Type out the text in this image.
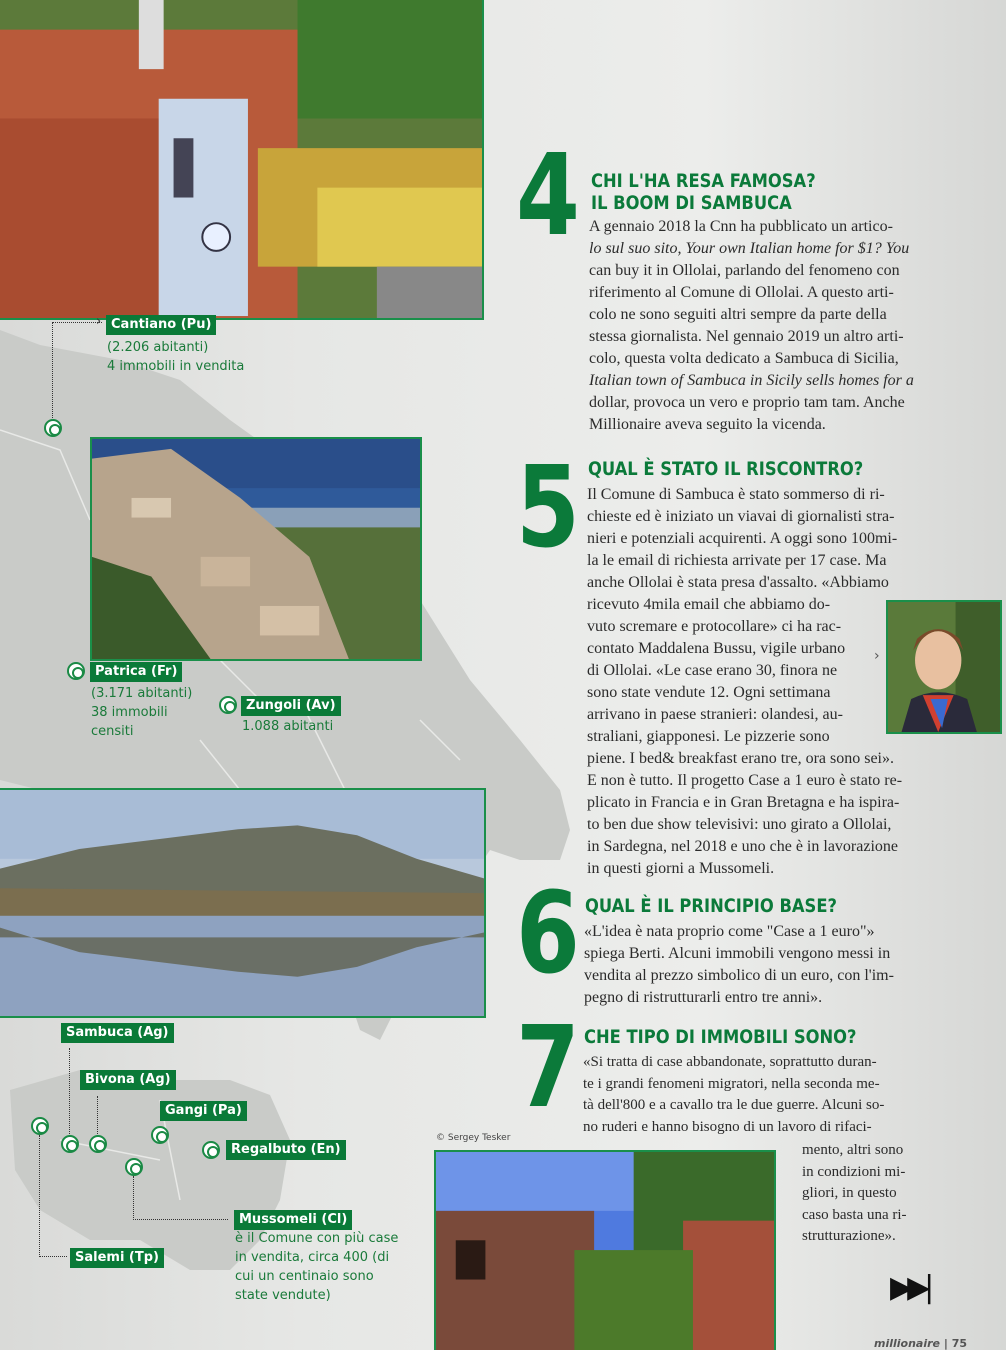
› Cantiano (Pu)
(2.206 abitanti)
4 immobili in vendita
Patrica (Fr)
(3.171 abitanti)
38 immobili
censiti
Zungoli (Av)
1.088 abitanti
Sambuca (Ag)
Bivona (Ag)
Gangi (Pa)
Regalbuto (En)
Mussomeli (Cl)
è il Comune con più case
in vendita, circa 400 (di
cui un centinaio sono
state vendute)
Salemi (Tp)
4 CHI L'HA RESA FAMOSA?
IL BOOM DI SAMBUCA
A gennaio 2018 la Cnn ha pubblicato un artico-
lo sul suo sito, Your own Italian home for $1? You
can buy it in Ollolai, parlando del fenomeno con
riferimento al Comune di Ollolai. A questo arti-
colo ne sono seguiti altri sempre da parte della
stessa giornalista. Nel gennaio 2019 un altro arti-
colo, questa volta dedicato a Sambuca di Sicilia,
Italian town of Sambuca in Sicily sells homes for a
dollar, provoca un vero e proprio tam tam. Anche
Millionaire aveva seguito la vicenda.
5 QUAL È STATO IL RISCONTRO?
Il Comune di Sambuca è stato sommerso di ri-
chieste ed è iniziato un viavai di giornalisti stra-
nieri e potenziali acquirenti. A oggi sono 100mi-
la le email di richiesta arrivate per 17 case. Ma
anche Ollolai è stata presa d'assalto. «Abbiamo
ricevuto 4mila email che abbiamo do-
vuto scremare e protocollare» ci ha rac-
contato Maddalena Bussu, vigile urbano
di Ollolai. «Le case erano 30, finora ne
sono state vendute 12. Ogni settimana
arrivano in paese stranieri: olandesi, au-
straliani, giapponesi. Le pizzerie sono
piene. I bed& breakfast erano tre, ora sono sei».
E non è tutto. Il progetto Case a 1 euro è stato re-
plicato in Francia e in Gran Bretagna e ha ispira-
to ben due show televisivi: uno girato a Ollolai,
in Sardegna, nel 2018 e uno che è in lavorazione
in questi giorni a Mussomeli.
›
6 QUAL È IL PRINCIPIO BASE?
«L'idea è nata proprio come "Case a 1 euro"»
spiega Berti. Alcuni immobili vengono messi in
vendita al prezzo simbolico di un euro, con l'im-
pegno di ristrutturarli entro tre anni».
7 CHE TIPO DI IMMOBILI SONO?
«Si tratta di case abbandonate, soprattutto duran-
te i grandi fenomeni migratori, nella seconda me-
tà dell'800 e a cavallo tra le due guerre. Alcuni so-
no ruderi e hanno bisogno di un lavoro di rifaci-
mento, altri sono
in condizioni mi-
gliori, in questo
caso basta una ri-
strutturazione».
© Sergey Tesker
▶▶|
millionaire | 75
